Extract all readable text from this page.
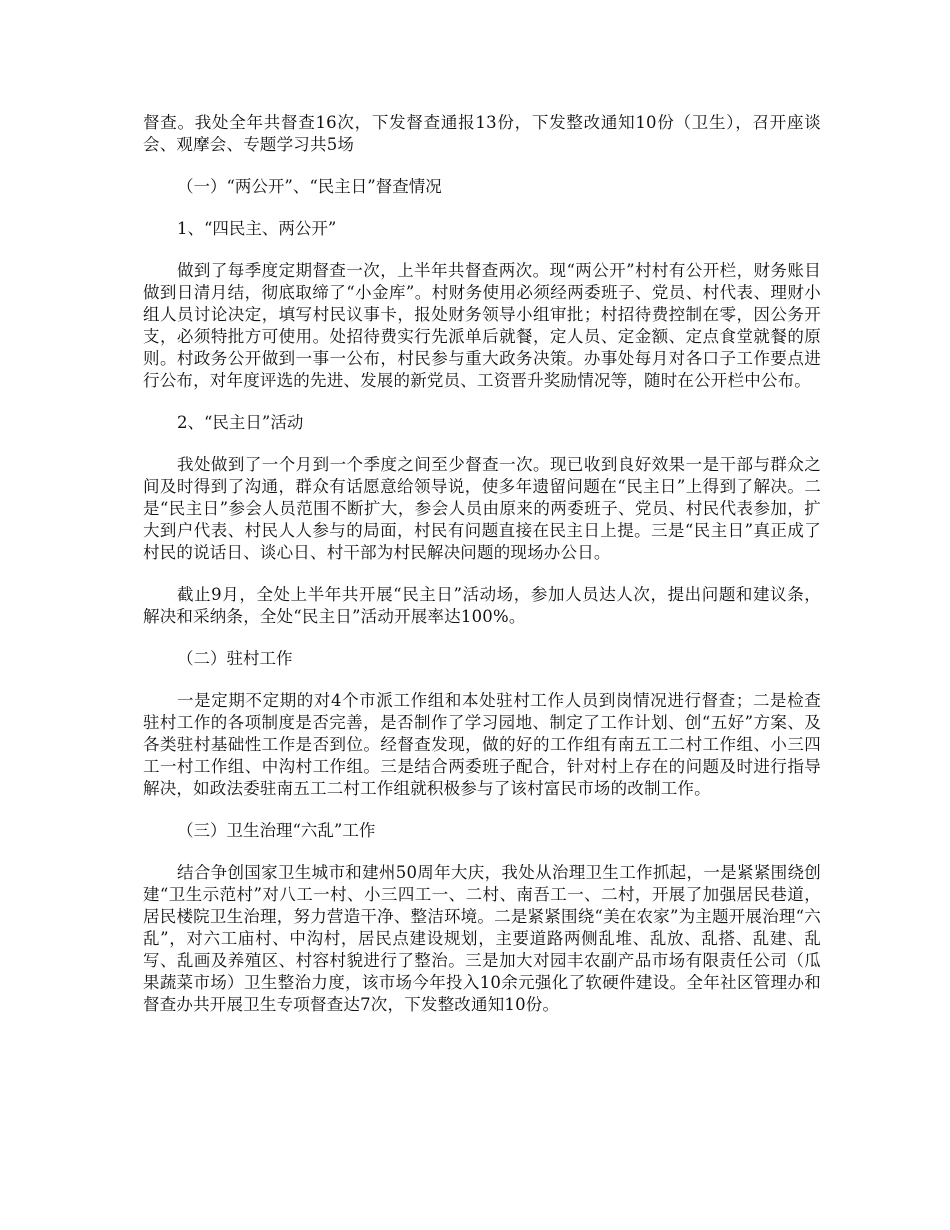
督查。我处全年共督查16次，下发督查通报13份，下发整改通知10份（卫生），召开座谈会、观摩会、专题学习共5场

（一）“两公开”、“民主日”督查情况

1、“四民主、两公开”

做到了每季度定期督查一次，上半年共督查两次。现“两公开”村村有公开栏，财务账目做到日清月结，彻底取缔了“小金库”。村财务使用必须经两委班子、党员、村代表、理财小组人员讨论决定，填写村民议事卡，报处财务领导小组审批；村招待费控制在零，因公务开支，必须特批方可使用。处招待费实行先派单后就餐，定人员、定金额、定点食堂就餐的原则。村政务公开做到一事一公布，村民参与重大政务决策。办事处每月对各口子工作要点进行公布，对年度评选的先进、发展的新党员、工资晋升奖励情况等，随时在公开栏中公布。

2、“民主日”活动

我处做到了一个月到一个季度之间至少督查一次。现已收到良好效果一是干部与群众之间及时得到了沟通，群众有话愿意给领导说，使多年遗留问题在“民主日”上得到了解决。二是“民主日”参会人员范围不断扩大，参会人员由原来的两委班子、党员、村民代表参加，扩大到户代表、村民人人参与的局面，村民有问题直接在民主日上提。三是“民主日”真正成了村民的说话日、谈心日、村干部为村民解决问题的现场办公日。

截止9月，全处上半年共开展“民主日”活动场，参加人员达人次，提出问题和建议条，解决和采纳条，全处“民主日”活动开展率达100%。

（二）驻村工作

一是定期不定期的对4个市派工作组和本处驻村工作人员到岗情况进行督查；二是检查驻村工作的各项制度是否完善，是否制作了学习园地、制定了工作计划、创“五好”方案、及各类驻村基础性工作是否到位。经督查发现，做的好的工作组有南五工二村工作组、小三四工一村工作组、中沟村工作组。三是结合两委班子配合，针对村上存在的问题及时进行指导解决，如政法委驻南五工二村工作组就积极参与了该村富民市场的改制工作。

（三）卫生治理“六乱”工作

结合争创国家卫生城市和建州50周年大庆，我处从治理卫生工作抓起，一是紧紧围绕创建“卫生示范村”对八工一村、小三四工一、二村、南吾工一、二村，开展了加强居民巷道，居民楼院卫生治理，努力营造干净、整洁环境。二是紧紧围绕“美在农家”为主题开展治理“六乱”，对六工庙村、中沟村，居民点建设规划，主要道路两侧乱堆、乱放、乱搭、乱建、乱写、乱画及养殖区、村容村貌进行了整治。三是加大对园丰农副产品市场有限责任公司（瓜果蔬菜市场）卫生整治力度，该市场今年投入10余元强化了软硬件建设。全年社区管理办和督查办共开展卫生专项督查达7次，下发整改通知10份。
